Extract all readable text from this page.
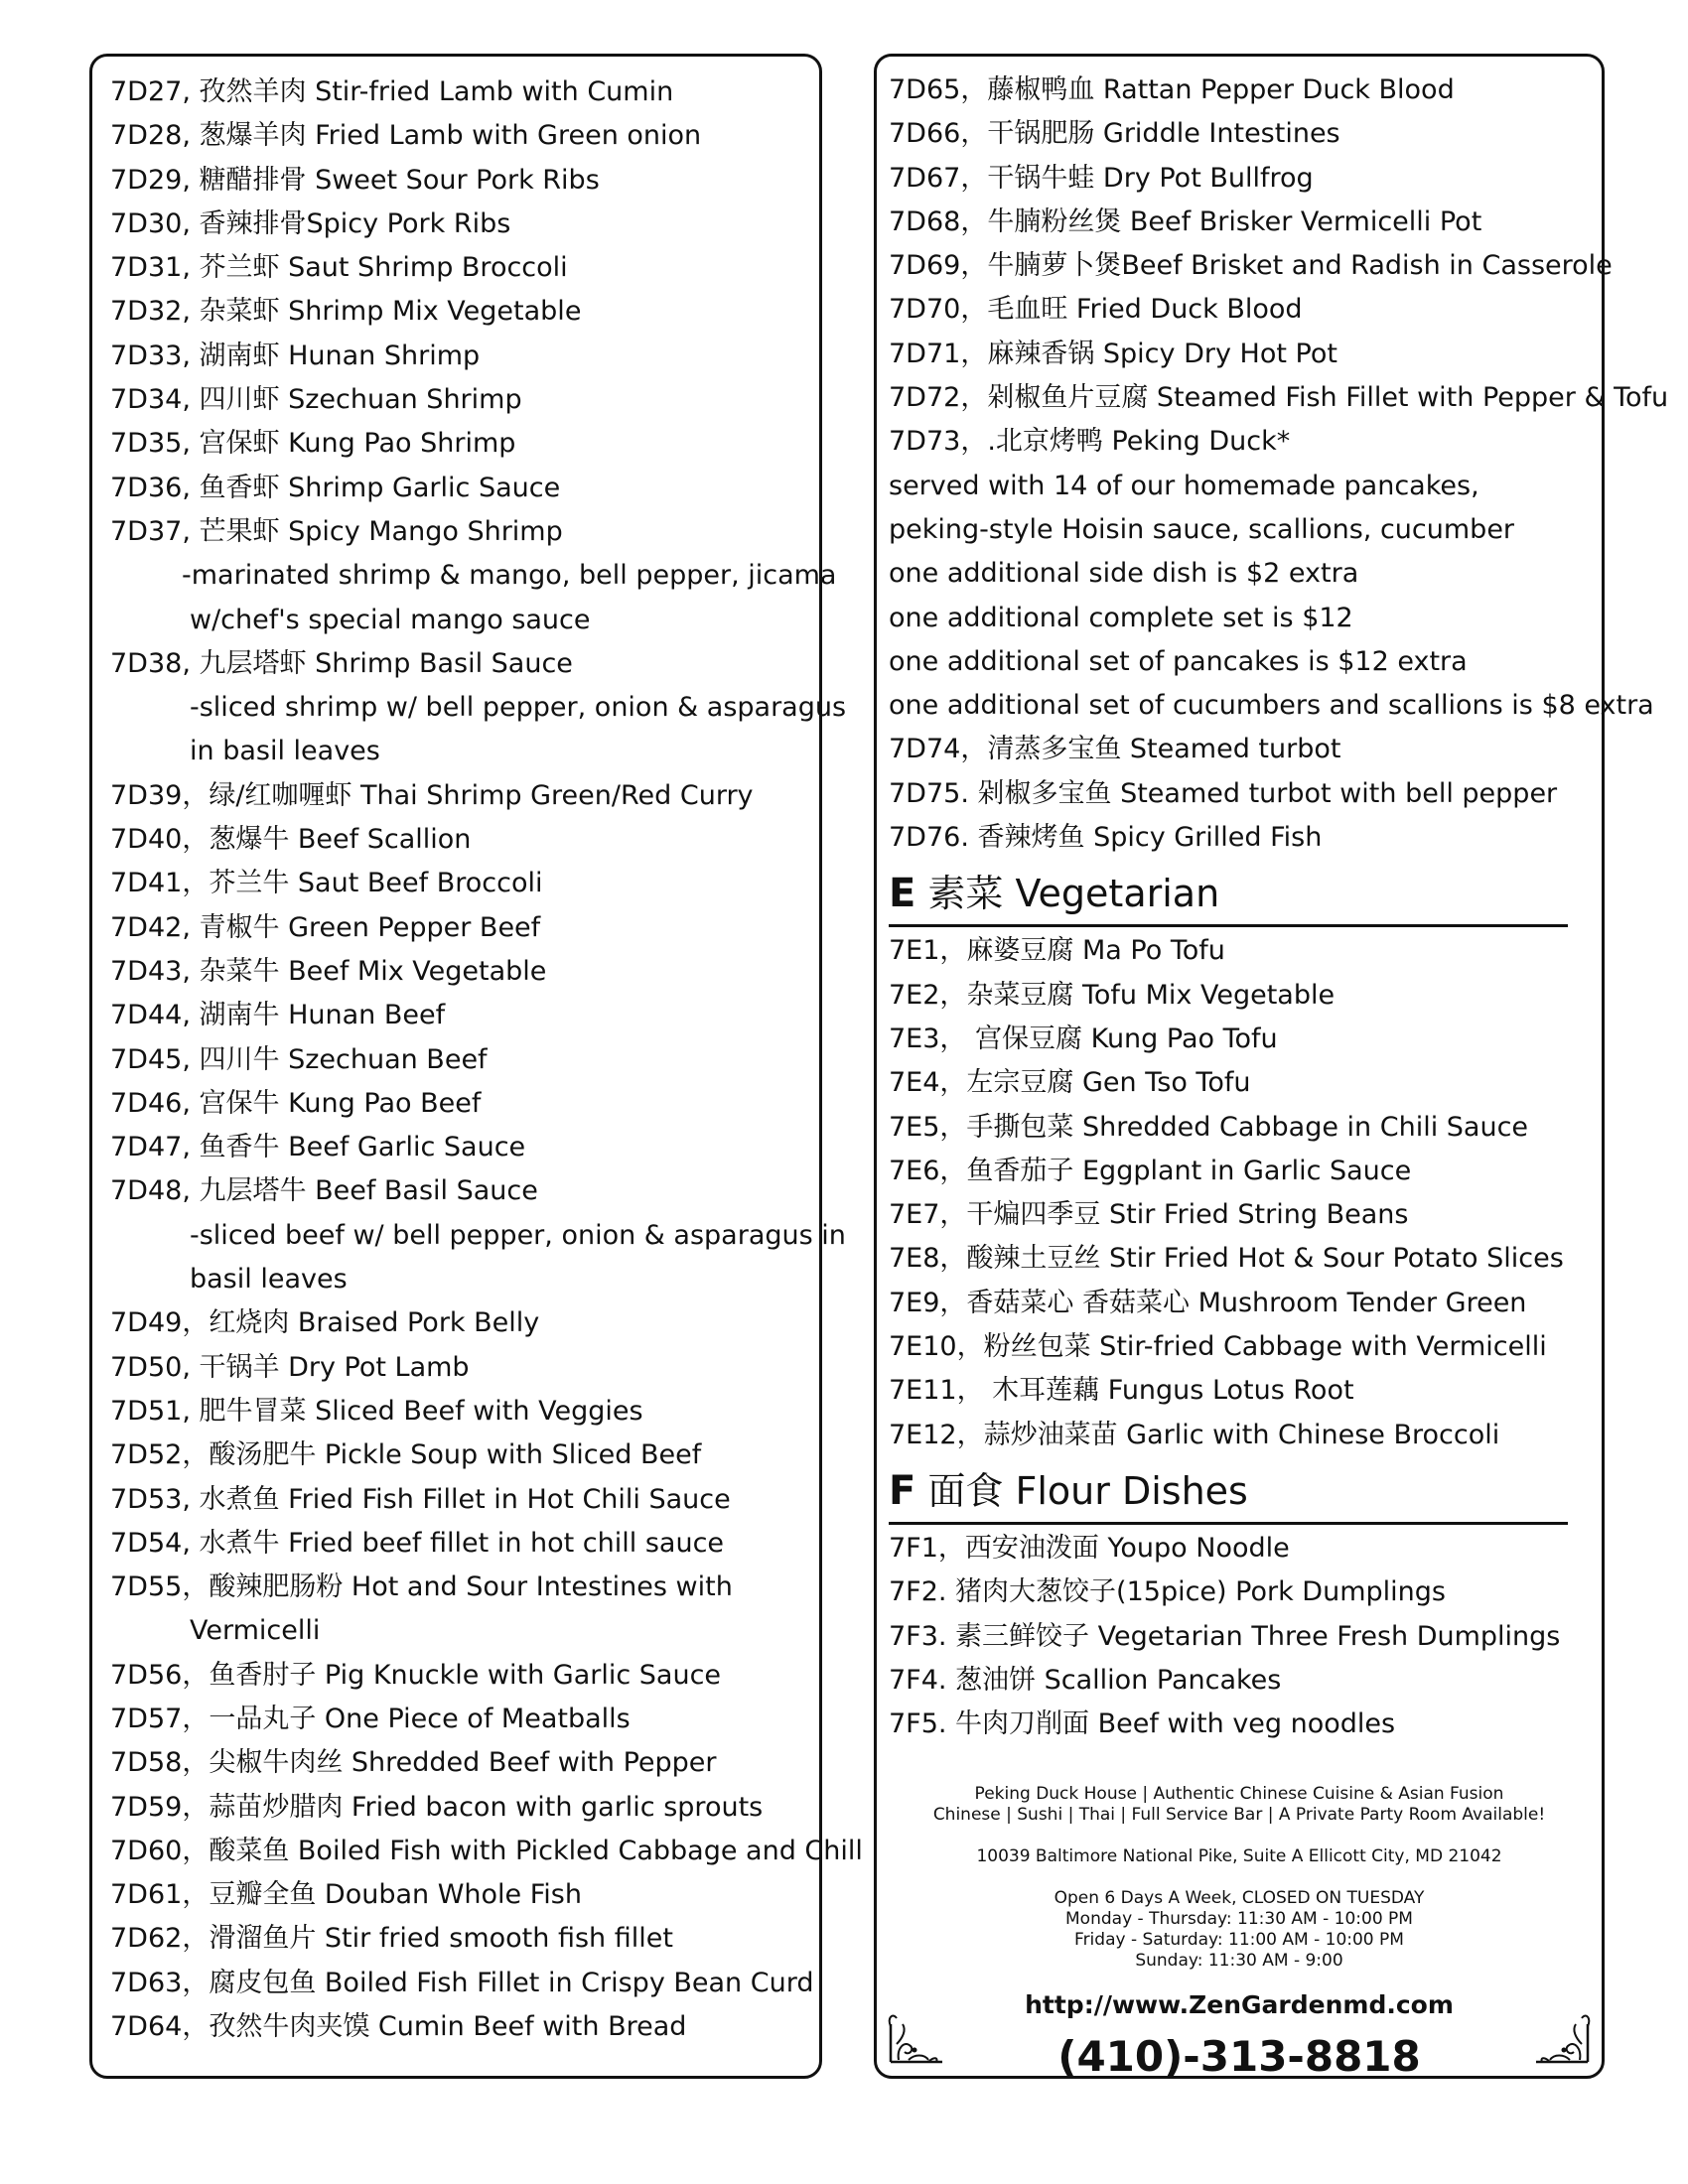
7D27, 孜然羊肉 Stir-fried Lamb with Cumin
7D28, 葱爆羊肉 Fried Lamb with Green onion
7D29, 糖醋排骨 Sweet Sour Pork Ribs
7D30, 香辣排骨Spicy Pork Ribs
7D31, 芥兰虾 Saut Shrimp Broccoli
7D32, 杂菜虾 Shrimp Mix Vegetable
7D33, 湖南虾 Hunan Shrimp
7D34, 四川虾 Szechuan Shrimp
7D35, 宫保虾 Kung Pao Shrimp
7D36, 鱼香虾 Shrimp Garlic Sauce
7D37, 芒果虾 Spicy Mango Shrimp
-marinated shrimp & mango, bell pepper, jicama
w/chef's special mango sauce
7D38, 九层塔虾 Shrimp Basil Sauce
-sliced shrimp w/ bell pepper, onion & asparagus
in basil leaves
7D39，绿/红咖喱虾 Thai Shrimp Green/Red Curry
7D40，葱爆牛 Beef Scallion
7D41，芥兰牛 Saut Beef Broccoli
7D42, 青椒牛 Green Pepper Beef
7D43, 杂菜牛 Beef Mix Vegetable
7D44, 湖南牛 Hunan Beef
7D45, 四川牛 Szechuan Beef
7D46, 宫保牛 Kung Pao Beef
7D47, 鱼香牛 Beef Garlic Sauce
7D48, 九层塔牛 Beef Basil Sauce
-sliced beef w/ bell pepper, onion & asparagus in
basil leaves
7D49，红烧肉 Braised Pork Belly
7D50, 干锅羊 Dry Pot Lamb
7D51, 肥牛冒菜 Sliced Beef with Veggies
7D52，酸汤肥牛 Pickle Soup with Sliced Beef
7D53, 水煮鱼 Fried Fish Fillet in Hot Chili Sauce
7D54, 水煮牛 Fried beef fillet in hot chill sauce
7D55，酸辣肥肠粉 Hot and Sour Intestines with
Vermicelli
7D56，鱼香肘子 Pig Knuckle with Garlic Sauce
7D57，一品丸子 One Piece of Meatballs
7D58，尖椒牛肉丝 Shredded Beef with Pepper
7D59，蒜苗炒腊肉 Fried bacon with garlic sprouts
7D60，酸菜鱼 Boiled Fish with Pickled Cabbage and Chill
7D61，豆瓣全鱼 Douban Whole Fish
7D62，滑溜鱼片 Stir fried smooth fish fillet
7D63，腐皮包鱼 Boiled Fish Fillet in Crispy Bean Curd
7D64，孜然牛肉夹馍 Cumin Beef with Bread
7D65，藤椒鸭血 Rattan Pepper Duck Blood
7D66，干锅肥肠 Griddle Intestines
7D67，干锅牛蛙 Dry Pot Bullfrog
7D68，牛腩粉丝煲 Beef Brisker Vermicelli Pot
7D69，牛腩萝卜煲Beef Brisket and Radish in Casserole
7D70，毛血旺 Fried Duck Blood
7D71，麻辣香锅 Spicy Dry Hot Pot
7D72，剁椒鱼片豆腐 Steamed Fish Fillet with Pepper & Tofu
7D73，.北京烤鸭 Peking Duck*
served with 14 of our homemade pancakes,
peking-style Hoisin sauce, scallions, cucumber
one additional side dish is $2 extra
one additional complete set is $12
one additional set of pancakes is $12 extra
one additional set of cucumbers and scallions is $8 extra
7D74，清蒸多宝鱼 Steamed turbot
7D75. 剁椒多宝鱼 Steamed turbot with bell pepper
7D76. 香辣烤鱼 Spicy Grilled Fish
E 素菜 Vegetarian
7E1，麻婆豆腐 Ma Po Tofu
7E2，杂菜豆腐 Tofu Mix Vegetable
7E3， 宫保豆腐 Kung Pao Tofu
7E4，左宗豆腐 Gen Tso Tofu
7E5，手撕包菜 Shredded Cabbage in Chili Sauce
7E6，鱼香茄子 Eggplant in Garlic Sauce
7E7，干煸四季豆 Stir Fried String Beans
7E8，酸辣土豆丝 Stir Fried Hot & Sour Potato Slices
7E9，香菇菜心 香菇菜心 Mushroom Tender Green
7E10，粉丝包菜 Stir-fried Cabbage with Vermicelli
7E11， 木耳莲藕 Fungus Lotus Root
7E12，蒜炒油菜苗 Garlic with Chinese Broccoli
F 面食 Flour Dishes
7F1，西安油泼面 Youpo Noodle
7F2. 猪肉大葱饺子(15pice) Pork Dumplings
7F3. 素三鲜饺子 Vegetarian Three Fresh Dumplings
7F4. 葱油饼 Scallion Pancakes
7F5. 牛肉刀削面 Beef with veg noodles
Peking Duck House | Authentic Chinese Cuisine & Asian Fusion
Chinese | Sushi | Thai | Full Service Bar | A Private Party Room Available!
10039 Baltimore National Pike, Suite A Ellicott City, MD 21042
Open 6 Days A Week, CLOSED ON TUESDAY
Monday - Thursday: 11:30 AM - 10:00 PM
Friday - Saturday: 11:00 AM - 10:00 PM
Sunday: 11:30 AM - 9:00
http://www.ZenGardenmd.com
(410)-313-8818
